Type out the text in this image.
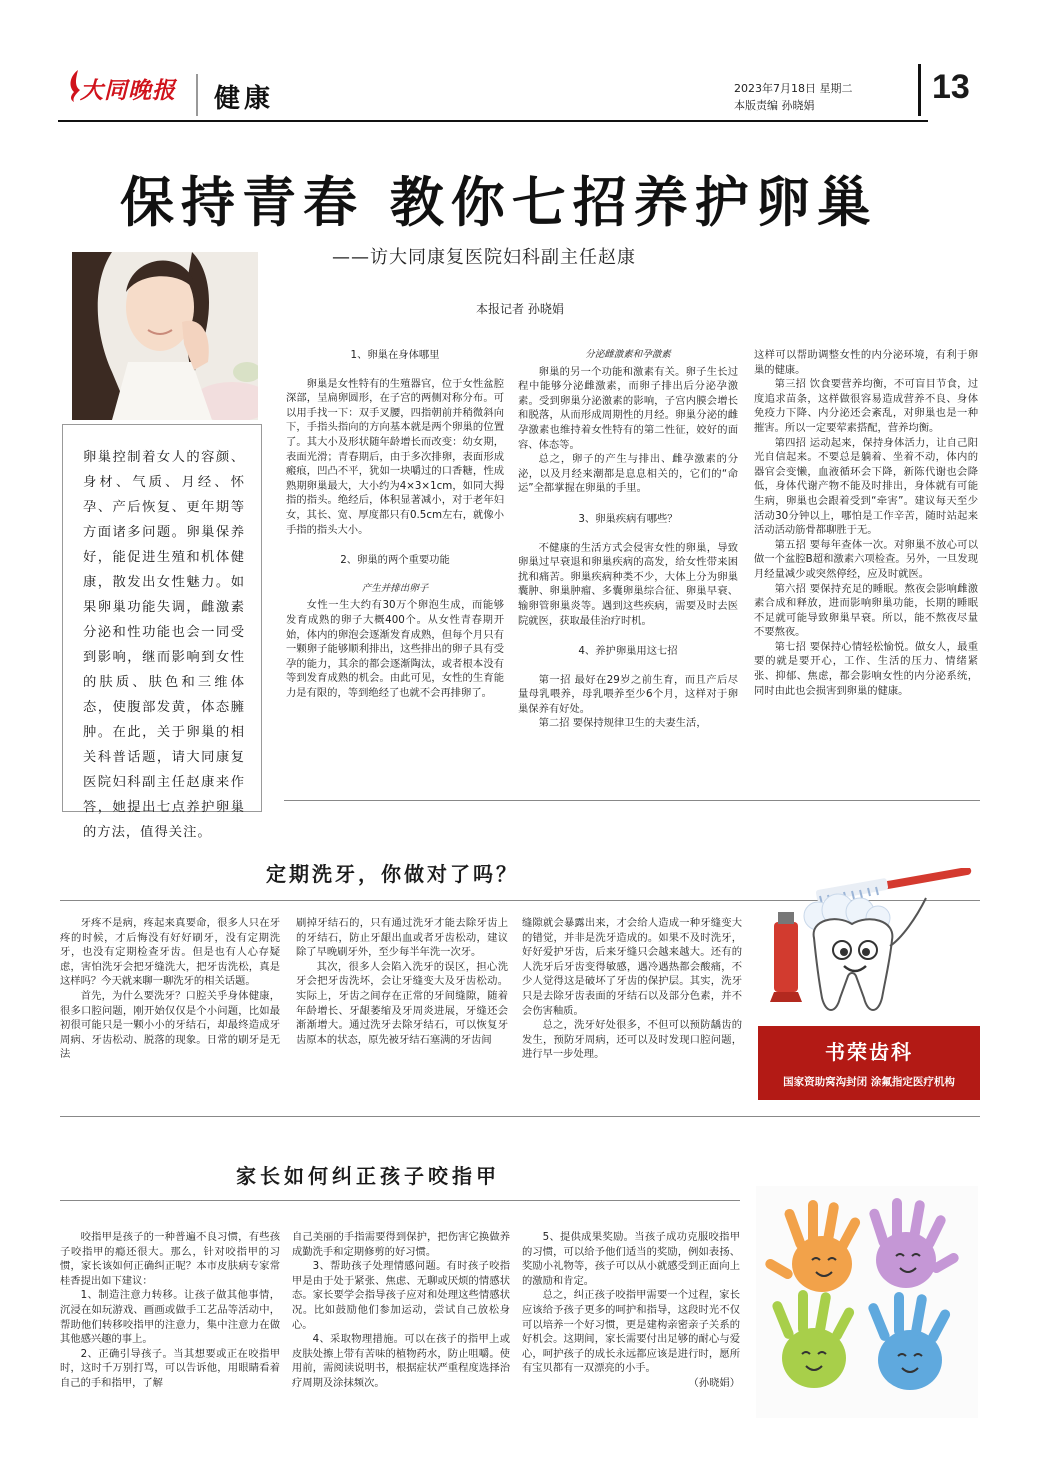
大同晚报 健康	2023年7月18日 星期二
本版责编 孙晓娟	13
保持青春 教你七招养护卵巢
——访大同康复医院妇科副主任赵康
本报记者 孙晓娟
卵巢控制着女人的容颜、身材、气质、月经、怀孕、产后恢复、更年期等方面诸多问题。卵巢保养好，能促进生殖和机体健康，散发出女性魅力。如果卵巢功能失调，雌激素分泌和性功能也会一同受到影响，继而影响到女性的肤质、肤色和三维体态，使腹部发黄，体态臃肿。在此，关于卵巢的相关科普话题，请大同康复医院妇科副主任赵康来作答，她提出七点养护卵巢的方法，值得关注。

1、卵巢在身体哪里

卵巢是女性特有的生殖器官，位于女性盆腔深部，呈扁卵圆形，在子宫的两侧对称分布。可以用手找一下：双手叉腰，四指朝前并稍微斜向下，手指头指向的方向基本就是两个卵巢的位置了。其大小及形状随年龄增长而改变：幼女期，表面光滑；青春期后，由于多次排卵，表面形成瘢痕，凹凸不平，犹如一块嚼过的口香糖，性成熟期卵巢最大，大小约为4×3×1cm，如同大拇指的指头。绝经后，体积显著减小，对于老年妇女，其长、宽、厚度都只有0.5cm左右，就像小手指的指头大小。

2、卵巢的两个重要功能

产生并排出卵子

女性一生大约有30万个卵泡生成，而能够发育成熟的卵子大概400个。从女性青春期开始，体内的卵泡会逐渐发育成熟，但每个月只有一颗卵子能够顺利排出，这些排出的卵子具有受孕的能力，其余的都会逐渐陶汰，或者根本没有等到发育成熟的机会。由此可见，女性的生育能力是有限的，等到绝经了也就不会再排卵了。

分泌雌激素和孕激素

卵巢的另一个功能和激素有关。卵子生长过程中能够分泌雌激素，而卵子排出后分泌孕激素。受到卵巢分泌激素的影响，子宫内膜会增长和脱落，从而形成周期性的月经。卵巢分泌的雌孕激素也维持着女性特有的第二性征，姣好的面容、体态等。

总之，卵子的产生与排出、雌孕激素的分泌，以及月经来潮都是息息相关的，它们的“命运”全都掌握在卵巢的手里。

3、卵巢疾病有哪些？

不健康的生活方式会侵害女性的卵巢，导致卵巢过早衰退和卵巢疾病的高发，给女性带来困扰和痛苦。卵巢疾病种类不少，大体上分为卵巢囊肿、卵巢肿瘤、多囊卵巢综合征、卵巢早衰、输卵管卵巢炎等。遇到这些疾病，需要及时去医院就医，获取最佳治疗时机。

4、养护卵巢用这七招

第一招 最好在29岁之前生育，而且产后尽量母乳喂养，母乳喂养至少6个月，这样对于卵巢保养有好处。

第二招 要保持规律卫生的夫妻生活，

这样可以帮助调整女性的内分泌环境，有利于卵巢的健康。

第三招 饮食要营养均衡，不可盲目节食，过度追求苗条，这样做很容易造成营养不良、身体免疫力下降、内分泌还会紊乱，对卵巢也是一种摧害。所以一定要荤素搭配，营养均衡。

第四招 运动起来，保持身体活力，让自己阳光自信起来。不要总是躺着、坐着不动，体内的器官会变懒，血液循环会下降，新陈代谢也会降低，身体代谢产物不能及时排出，身体就有可能生病，卵巢也会跟着受到“牵害”。建议每天至少活动30分钟以上，哪怕是工作辛苦，随时站起来活动活动筋骨都聊胜于无。

第五招 要每年查体一次。对卵巢不放心可以做一个盆腔B超和激素六项检查。另外，一旦发现月经量减少或突然停经，应及时就医。

第六招 要保持充足的睡眠。熬夜会影响雌激素合成和释放，进而影响卵巢功能，长期的睡眠不足就可能导致卵巢早衰。所以，能不熬夜尽量不要熬夜。

第七招 要保持心情轻松愉悦。做女人，最重要的就是要开心，工作、生活的压力、情绪紧张、抑郁、焦虑，都会影响女性的内分泌系统，同时由此也会损害到卵巢的健康。

定期洗牙，你做对了吗？

牙疼不是病，疼起来真要命，很多人只在牙疼的时候，才后悔没有好好刷牙，没有定期洗牙，也没有定期检查牙齿。但是也有人心存疑虑，害怕洗牙会把牙缝洗大，把牙齿洗松，真是这样吗？今天就来聊一聊洗牙的相关话题。

首先，为什么要洗牙？口腔关乎身体健康，很多口腔问题，刚开始仅仅是个小问题，比如最初很可能只是一颗小小的牙结石，却最终造成牙周病、牙齿松动、脱落的现象。日常的刷牙是无法

刷掉牙结石的，只有通过洗牙才能去除牙齿上的牙结石，防止牙龈出血或者牙齿松动，建议除了早晚刷牙外，至少每半年洗一次牙。

其次，很多人会陷入洗牙的误区，担心洗牙会把牙齿洗坏，会让牙缝变大及牙齿松动。实际上，牙齿之间存在正常的牙间缝隙，随着年龄增长、牙龈萎缩及牙周炎进展，牙缝还会渐渐增大。通过洗牙去除牙结石，可以恢复牙齿原本的状态，原先被牙结石塞满的牙齿间

缝隙就会暴露出来，才会给人造成一种牙缝变大的错觉，并非是洗牙造成的。如果不及时洗牙，好好爱护牙齿，后来牙缝只会越来越大。还有的人洗牙后牙齿变得敏感，遇冷遇热都会酸痛，不少人觉得这是破坏了牙齿的保护层。其实，洗牙只是去除牙齿表面的牙结石以及部分色素，并不会伤害釉质。

总之，洗牙好处很多，不但可以预防龋齿的发生，预防牙周病，还可以及时发现口腔问题，进行早一步处理。	书荣齿科
国家资助窝沟封闭 涂氟指定医疗机构
家长如何纠正孩子咬指甲

咬指甲是孩子的一种普遍不良习惯，有些孩子咬指甲的瘾还很大。那么，针对咬指甲的习惯，家长该如何正确纠正呢？本市皮肤病专家常桂香提出如下建议：

1、制造注意力转移。让孩子做其他事情，沉浸在如玩游戏、画画或做手工艺品等活动中，帮助他们转移咬指甲的注意力，集中注意力在做其他感兴趣的事上。

2、正确引导孩子。当其想要或正在咬指甲时，这时千万别打骂，可以告诉他，用眼睛看着自己的手和指甲，了解

自己美丽的手指需要得到保护，把伤害它换做养成勤洗手和定期修剪的好习惯。

3、帮助孩子处理情感问题。有时孩子咬指甲是由于处于紧张、焦虑、无聊或厌烦的情感状态。家长要学会指导孩子应对和处理这些情感状况。比如鼓励他们参加运动，尝试自己放松身心。

4、采取物理措施。可以在孩子的指甲上或皮肤处擦上带有苦味的植物药水，防止咀嚼。使用前，需阅读说明书，根据症状严重程度选择治疗周期及涂抹频次。

5、提供成果奖励。当孩子成功克服咬指甲的习惯，可以给予他们适当的奖励，例如表扬、奖励小礼物等，孩子可以从小就感受到正面向上的激励和肯定。

总之，纠正孩子咬指甲需要一个过程，家长应该给予孩子更多的呵护和指导，这段时光不仅可以培养一个好习惯，更是建构亲密亲子关系的好机会。这期间，家长需要付出足够的耐心与爱心，呵护孩子的成长永远都应该是进行时，愿所有宝贝都有一双漂亮的小手。

（孙晓娟）
